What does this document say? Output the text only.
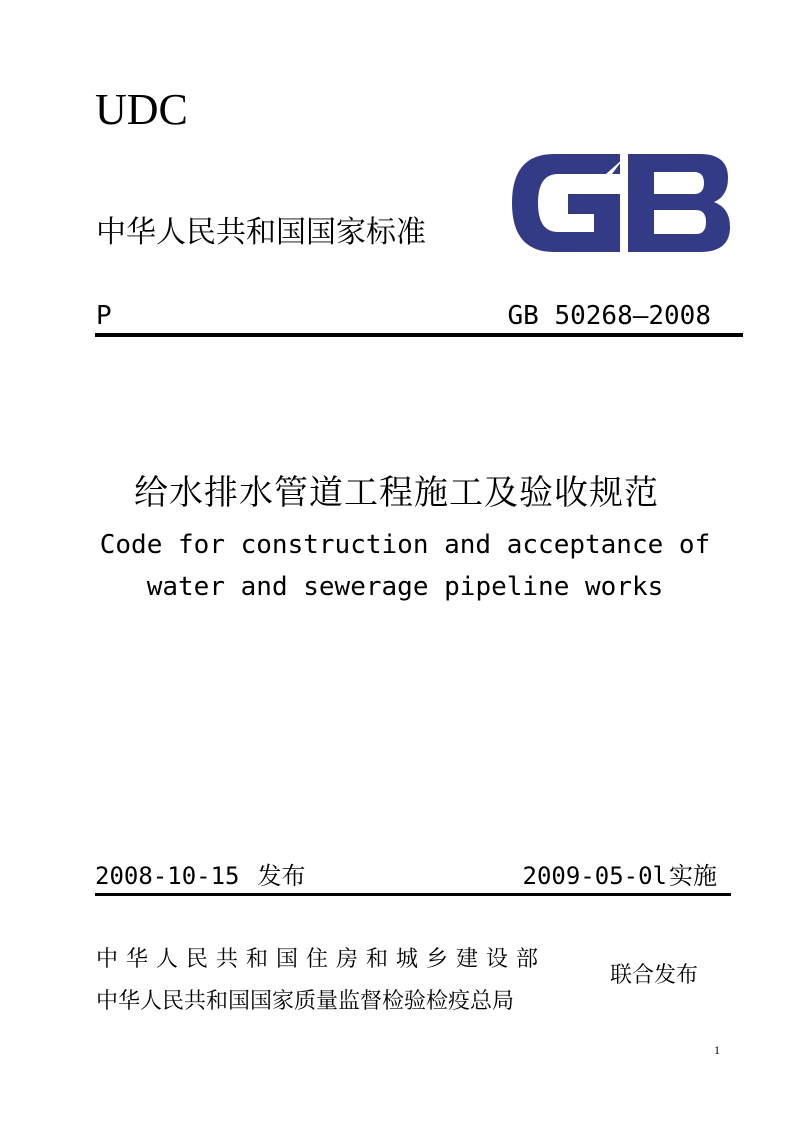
UDC
中华人民共和国国家标准
P	GB 50268—2008
给水排水管道工程施工及验收规范
Code for construction and acceptance of
water and sewerage pipeline works
2008-10-15 发布	2009-05-0l实施
中华人民共和国住房和城乡建设部
中华人民共和国国家质量监督检验检疫总局
联合发布
1
